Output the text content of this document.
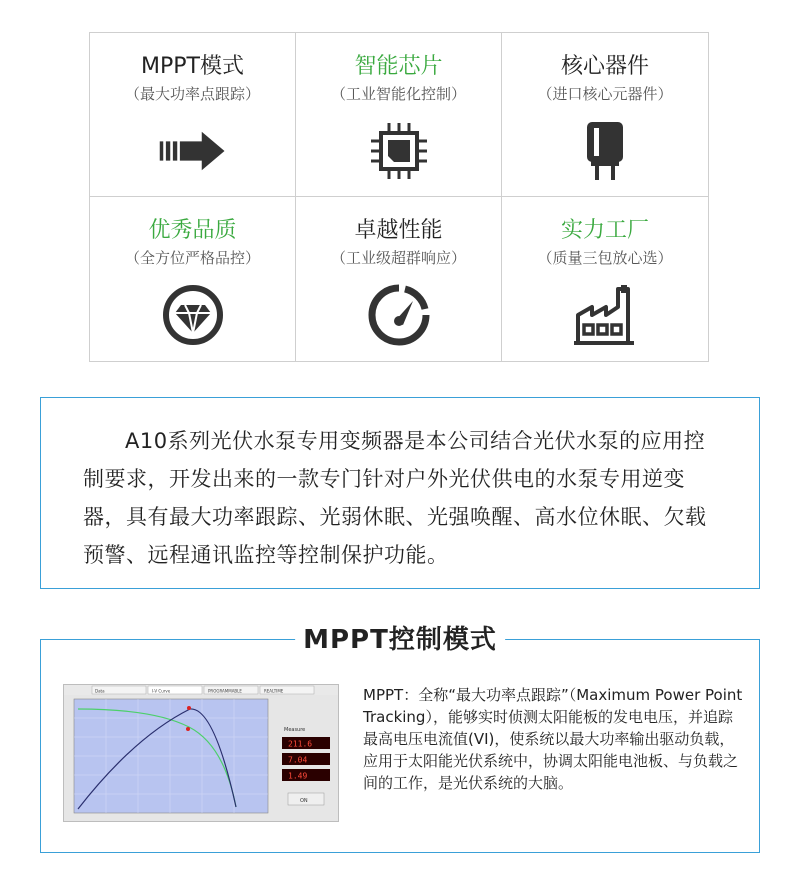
MPPT模式
（最大功率点跟踪）
智能芯片
（工业智能化控制）
核心器件
（进口核心元器件）
优秀品质
（全方位严格品控）
卓越性能
（工业级超群响应）
实力工厂
（质量三包放心选）
A10系列光伏水泵专用变频器是本公司结合光伏水泵的应用控制要求，开发出来的一款专门针对户外光伏供电的水泵专用逆变器，具有最大功率跟踪、光弱休眠、光强唤醒、高水位休眠、欠载预警、远程通讯监控等控制保护功能。
MPPT控制模式
Data	I-V Curve	PROGRAMMABLE	REALTIME
Measure
211.6
7.04
1.49
ON
MPPT：全称“最大功率点跟踪”（Maximum Power Point Tracking），能够实时侦测太阳能板的发电电压，并追踪最高电压电流值(VI)，使系统以最大功率输出驱动负载，应用于太阳能光伏系统中，协调太阳能电池板、与负载之间的工作，是光伏系统的大脑。
